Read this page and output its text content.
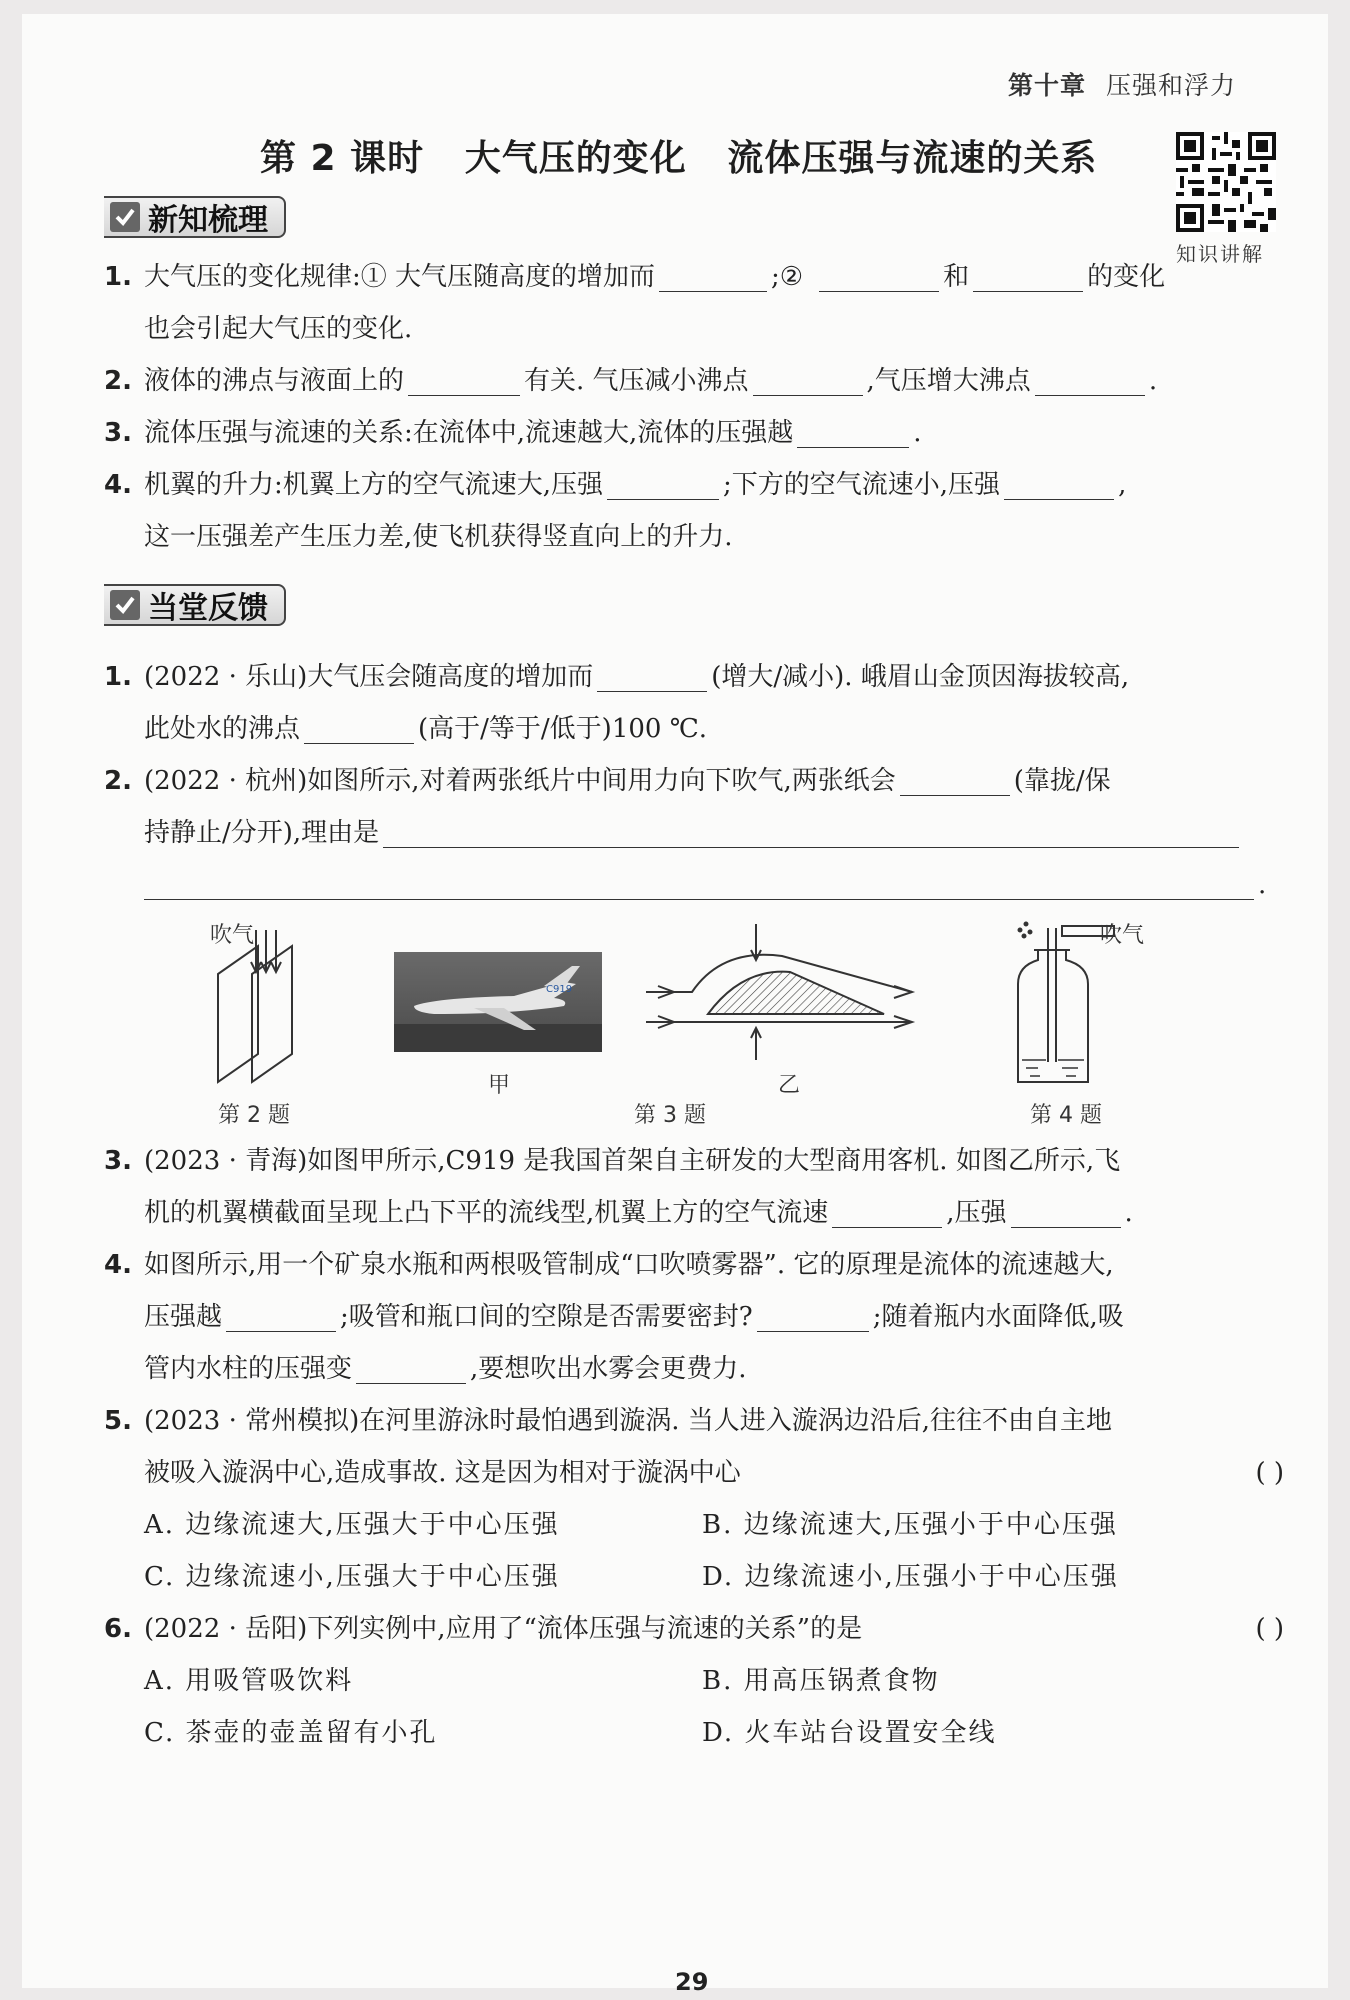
第十章 压强和浮力
第 2 课时   大气压的变化   流体压强与流速的关系
知识讲解
新知梳理
1. 大气压的变化规律:① 大气压随高度的增加而	;②	和	的变化
也会引起大气压的变化.
2. 液体的沸点与液面上的	有关. 气压减小沸点	,气压增大沸点	.
3. 流体压强与流速的关系:在流体中,流速越大,流体的压强越	.
4. 机翼的升力:机翼上方的空气流速大,压强	;下方的空气流速小,压强	,
这一压强差产生压力差,使飞机获得竖直向上的升力.
当堂反馈
1. (2022 · 乐山)大气压会随高度的增加而	(增大/减小). 峨眉山金顶因海拔较高,
此处水的沸点	(高于/等于/低于)100 ℃.
2. (2022 · 杭州)如图所示,对着两张纸片中间用力向下吹气,两张纸会	(靠拢/保
持静止/分开),理由是
.
吹气
第 2 题
C919
甲	乙
第 3 题
吹气
第 4 题
3. (2023 · 青海)如图甲所示,C919 是我国首架自主研发的大型商用客机. 如图乙所示,飞
机的机翼横截面呈现上凸下平的流线型,机翼上方的空气流速	,压强	.
4. 如图所示,用一个矿泉水瓶和两根吸管制成“口吹喷雾器”. 它的原理是流体的流速越大,
压强越	;吸管和瓶口间的空隙是否需要密封?	;随着瓶内水面降低,吸
管内水柱的压强变	,要想吹出水雾会更费力.
5. (2023 · 常州模拟)在河里游泳时最怕遇到漩涡. 当人进入漩涡边沿后,往往不由自主地
被吸入漩涡中心,造成事故. 这是因为相对于漩涡中心	( )
A. 边缘流速大,压强大于中心压强	B. 边缘流速大,压强小于中心压强
C. 边缘流速小,压强大于中心压强	D. 边缘流速小,压强小于中心压强
6. (2022 · 岳阳)下列实例中,应用了“流体压强与流速的关系”的是	( )
A. 用吸管吸饮料	B. 用高压锅煮食物
C. 茶壶的壶盖留有小孔	D. 火车站台设置安全线
29
